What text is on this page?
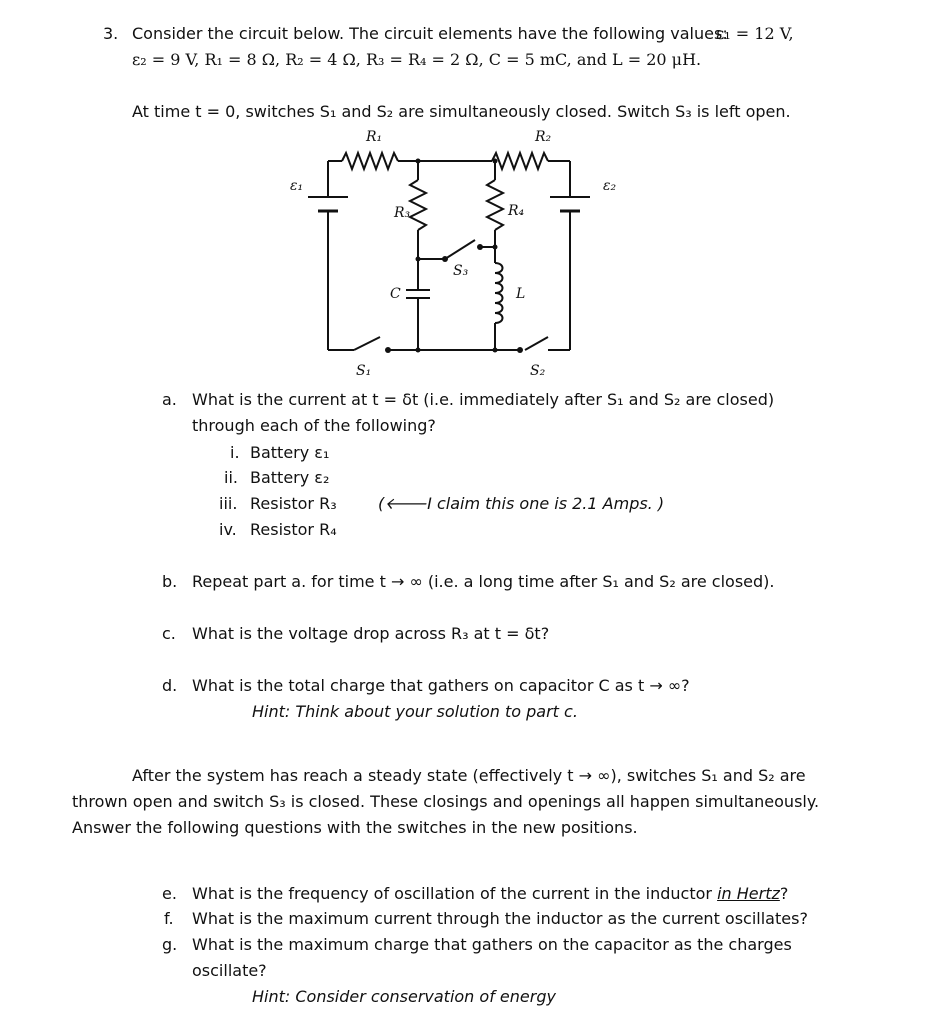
3. Consider the circuit below. The circuit elements have the following values:
ε₁ = 12 V,
ε₂ = 9 V, R₁ = 8 Ω, R₂ = 4 Ω, R₃ = R₄ = 2 Ω, C = 5 mC, and L = 20 μH.
At time t = 0, switches S₁ and S₂ are simultaneously closed. Switch S₃ is left open.
R₁	R₂
ε₁	ε₂
R₃	R₄
S₃
C	L
S₁	S₂
a. What is the current at t = δt (i.e. immediately after S₁ and S₂ are closed)
through each of the following?
i. Battery ε₁
ii. Battery ε₂
iii. Resistor R₃	(🡐I claim this one is 2.1 Amps. )
iv. Resistor R₄
b. Repeat part a. for time t → ∞ (i.e. a long time after S₁ and S₂ are closed).
c. What is the voltage drop across R₃ at t = δt?
d. What is the total charge that gathers on capacitor C as t → ∞?
Hint: Think about your solution to part c.
After the system has reach a steady state (effectively t → ∞), switches S₁ and S₂ are
thrown open and switch S₃ is closed. These closings and openings all happen simultaneously.
Answer the following questions with the switches in the new positions.
e. What is the frequency of oscillation of the current in the inductor in Hertz?
f. What is the maximum current through the inductor as the current oscillates?
g. What is the maximum charge that gathers on the capacitor as the charges
oscillate?
Hint: Consider conservation of energy
